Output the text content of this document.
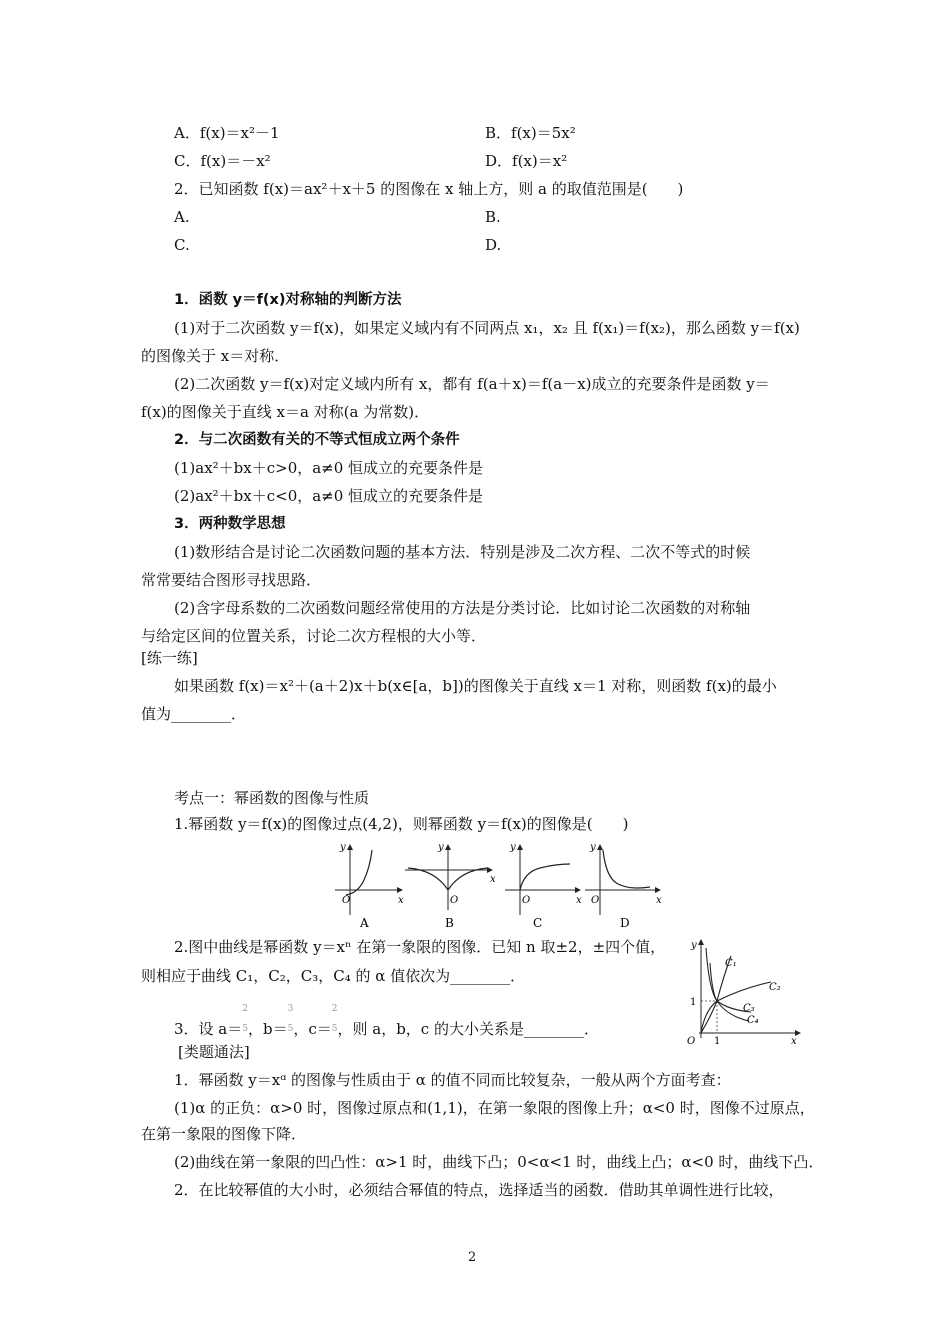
A．f(x)＝x²－1	B．f(x)＝5x²
C．f(x)＝－x²	D．f(x)＝x²
2．已知函数 f(x)＝ax²＋x＋5 的图像在 x 轴上方，则 a 的取值范围是(　　)
A.	B.
C.	D.
1．函数 y＝f(x)对称轴的判断方法
(1)对于二次函数 y＝f(x)，如果定义域内有不同两点 x₁，x₂ 且 f(x₁)＝f(x₂)，那么函数 y＝f(x)
的图像关于 x＝对称．
(2)二次函数 y＝f(x)对定义域内所有 x，都有 f(a＋x)＝f(a－x)成立的充要条件是函数 y＝
f(x)的图像关于直线 x＝a 对称(a 为常数)．
2．与二次函数有关的不等式恒成立两个条件
(1)ax²＋bx＋c>0，a≠0 恒成立的充要条件是
(2)ax²＋bx＋c<0，a≠0 恒成立的充要条件是
3．两种数学思想
(1)数形结合是讨论二次函数问题的基本方法．特别是涉及二次方程、二次不等式的时候
常常要结合图形寻找思路．
(2)含字母系数的二次函数问题经常使用的方法是分类讨论．比如讨论二次函数的对称轴
与给定区间的位置关系，讨论二次方程根的大小等．
[练一练]
如果函数 f(x)＝x²＋(a＋2)x＋b(x∈[a，b])的图像关于直线 x＝1 对称，则函数 f(x)的最小
值为________．
考点一：幂函数的图像与性质
1.幂函数 y＝f(x)的图像过点(4,2)，则幂函数 y＝f(x)的图像是(　　)
y
O	x
A
y
O
x
B
y
O	x
C
y
O	x
D
2.图中曲线是幂函数 y＝xⁿ 在第一象限的图像．已知 n 取±2，±四个值，
则相应于曲线 C₁，C₂，C₃，C₄ 的 α 值依次为________．
C₁
C₂
C₃
C₄
1
1
O	x
y
3．设 a＝2
5，b＝3
5，c＝2
5，则 a，b，c 的大小关系是________．
[类题通法]
1．幂函数 y＝xᵅ 的图像与性质由于 α 的值不同而比较复杂，一般从两个方面考查：
(1)α 的正负：α>0 时，图像过原点和(1,1)，在第一象限的图像上升；α<0 时，图像不过原点，
在第一象限的图像下降．
(2)曲线在第一象限的凹凸性：α>1 时，曲线下凸；0<α<1 时，曲线上凸；α<0 时，曲线下凸．
2．在比较幂值的大小时，必须结合幂值的特点，选择适当的函数．借助其单调性进行比较，
2
